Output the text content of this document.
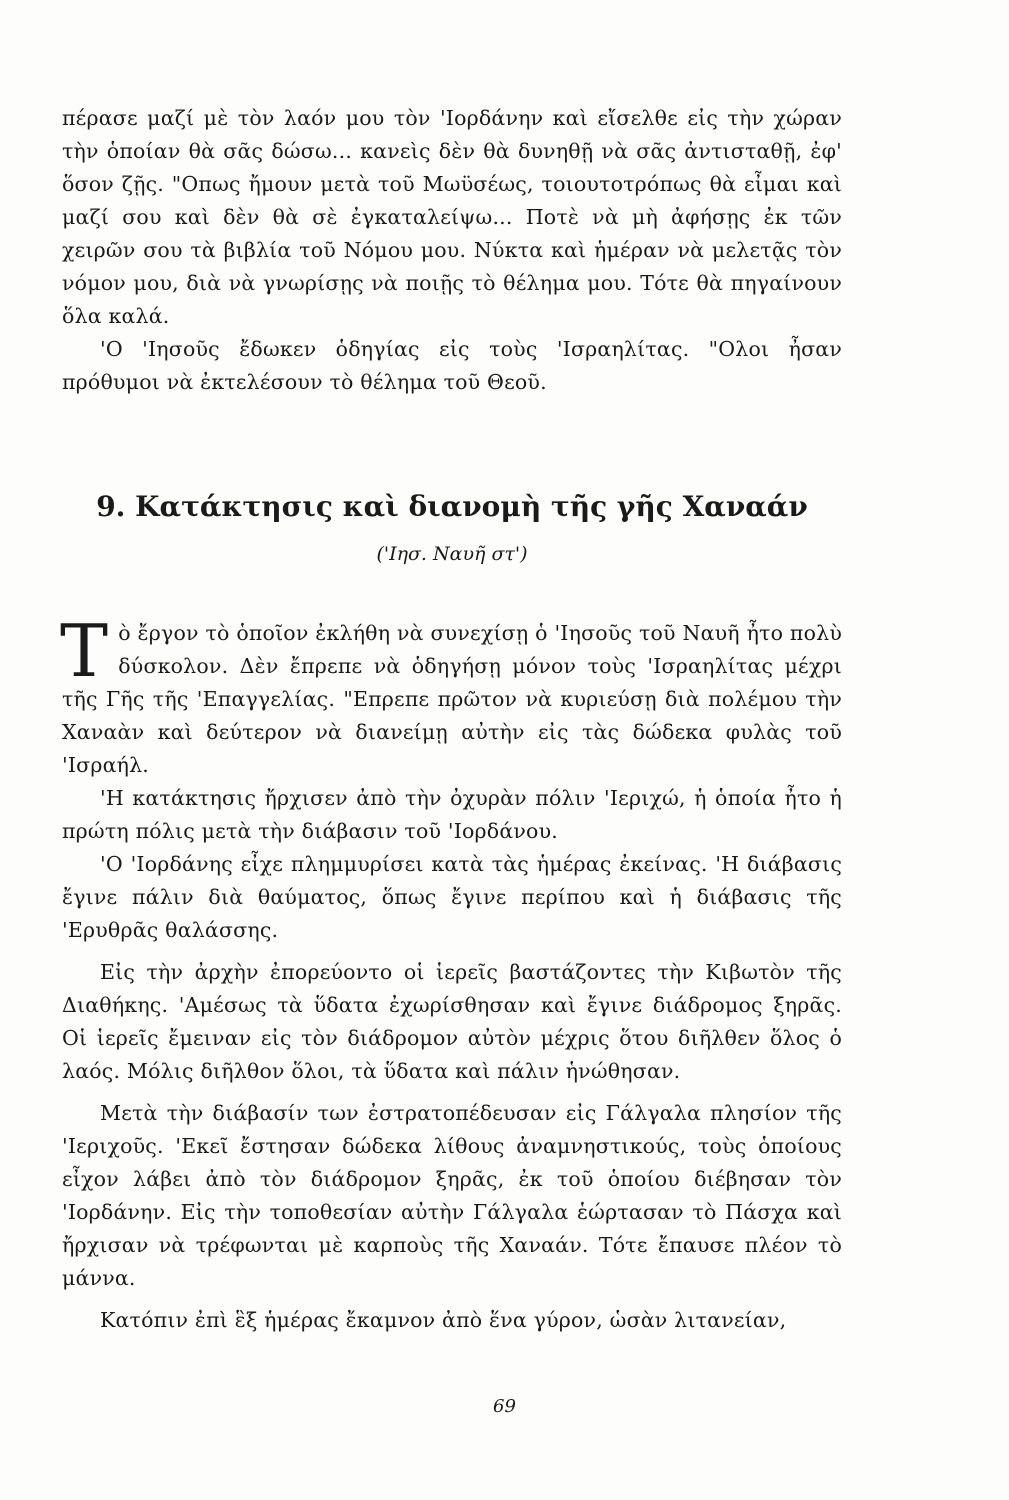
πέρασε μαζί μὲ τὸν λαόν μου τὸν 'Ιορδάνην καὶ εἴσελθε εἰς τὴν χώραν τὴν ὁποίαν θὰ σᾶς δώσω... κανεὶς δὲν θὰ δυνηθῇ νὰ σᾶς ἀντισταθῇ, ἐφ' ὅσον ζῇς. "Οπως ἤμουν μετὰ τοῦ Μωϋσέως, τοιουτοτρόπως θὰ εἶμαι καὶ μαζί σου καὶ δὲν θὰ σὲ ἐγκαταλείψω... Ποτὲ νὰ μὴ ἀφήσῃς ἐκ τῶν χειρῶν σου τὰ βιβλία τοῦ Νόμου μου. Νύκτα καὶ ἡμέραν νὰ μελετᾷς τὸν νόμον μου, διὰ νὰ γνωρίσῃς νὰ ποιῇς τὸ θέλημα μου. Τότε θὰ πηγαίνουν ὅλα καλά.

'Ο 'Ιησοῦς ἔδωκεν ὁδηγίας εἰς τοὺς 'Ισραηλίτας. "Ολοι ἦσαν πρόθυμοι νὰ ἐκτελέσουν τὸ θέλημα τοῦ Θεοῦ.

9. Κατάκτησις καὶ διανομὴ τῆς γῆς Χαναάν
('Ιησ. Ναυῆ στ')

Τὸ ἔργον τὸ ὁποῖον ἐκλήθη νὰ συνεχίσῃ ὁ 'Ιησοῦς τοῦ Ναυῆ ἦτο πολὺ δύσκολον. Δὲν ἔπρεπε νὰ ὁδηγήσῃ μόνον τοὺς 'Ισραηλίτας μέχρι τῆς Γῆς τῆς 'Επαγγελίας. "Επρεπε πρῶτον νὰ κυριεύσῃ διὰ πολέμου τὴν Χαναὰν καὶ δεύτερον νὰ διανείμῃ αὐτὴν εἰς τὰς δώδεκα φυλὰς τοῦ 'Ισραήλ.

'Η κατάκτησις ἤρχισεν ἀπὸ τὴν ὀχυρὰν πόλιν 'Ιεριχώ, ἡ ὁποία ἦτο ἡ πρώτη πόλις μετὰ τὴν διάβασιν τοῦ 'Ιορδάνου.

'Ο 'Ιορδάνης εἶχε πλημμυρίσει κατὰ τὰς ἡμέρας ἐκείνας. 'Η διάβασις ἔγινε πάλιν διὰ θαύματος, ὅπως ἔγινε περίπου καὶ ἡ διάβασις τῆς 'Ερυθρᾶς θαλάσσης.

Εἰς τὴν ἀρχὴν ἐπορεύοντο οἱ ἱερεῖς βαστάζοντες τὴν Κιβωτὸν τῆς Διαθήκης. 'Αμέσως τὰ ὕδατα ἐχωρίσθησαν καὶ ἔγινε διάδρομος ξηρᾶς. Οἱ ἱερεῖς ἔμειναν εἰς τὸν διάδρομον αὐτὸν μέχρις ὅτου διῆλθεν ὅλος ὁ λαός. Μόλις διῆλθον ὅλοι, τὰ ὕδατα καὶ πάλιν ἡνώθησαν.

Μετὰ τὴν διάβασίν των ἐστρατοπέδευσαν εἰς Γάλγαλα πλησίον τῆς 'Ιεριχοῦς. 'Εκεῖ ἔστησαν δώδεκα λίθους ἀναμνηστικούς, τοὺς ὁποίους εἶχον λάβει ἀπὸ τὸν διάδρομον ξηρᾶς, ἐκ τοῦ ὁποίου διέβησαν τὸν 'Ιορδάνην. Εἰς τὴν τοποθεσίαν αὐτὴν Γάλγαλα ἑώρτασαν τὸ Πάσχα καὶ ἤρχισαν νὰ τρέφωνται μὲ καρποὺς τῆς Χαναάν. Τότε ἔπαυσε πλέον τὸ μάννα.

Κατόπιν ἐπὶ ἓξ ἡμέρας ἔκαμνον ἀπὸ ἕνα γύρον, ὡσὰν λιτανείαν,

69
